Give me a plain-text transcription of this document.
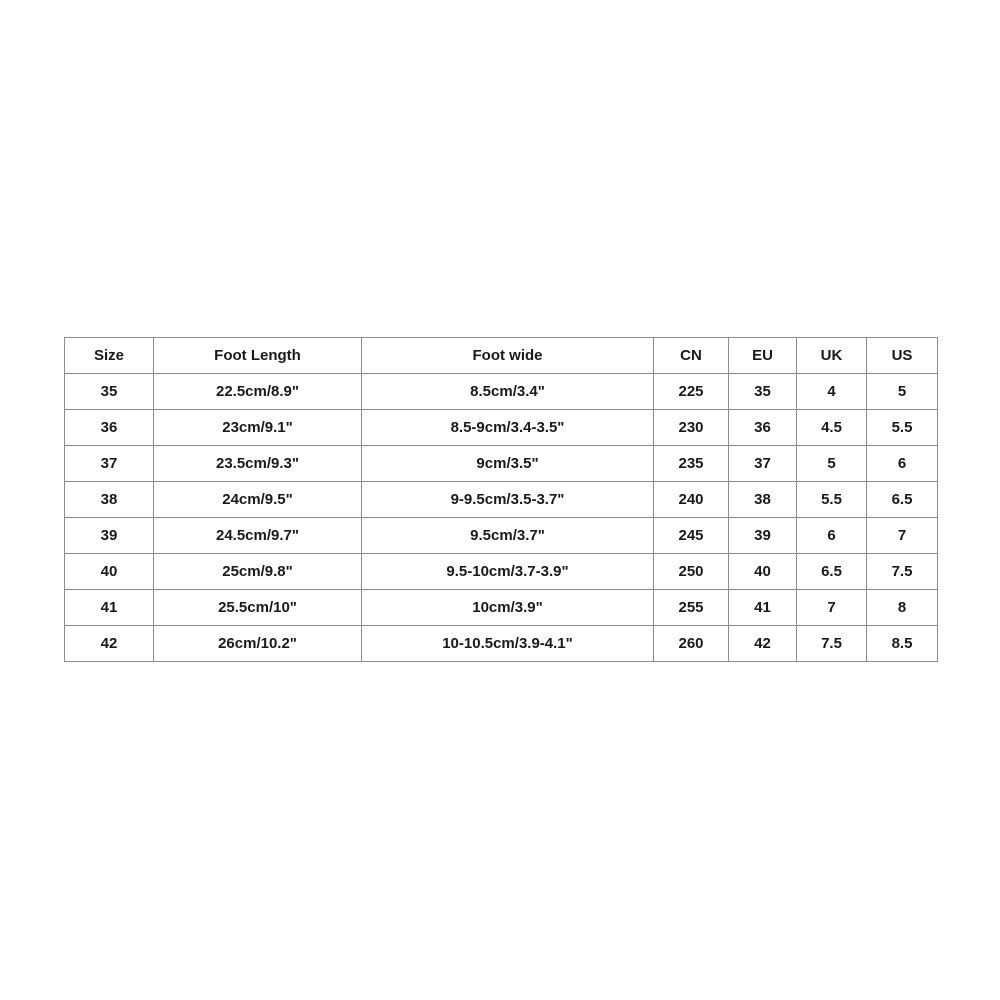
Size	Foot Length	Foot wide	CN	EU	UK	US
35	22.5cm/8.9"	8.5cm/3.4"	225	35	4	5
36	23cm/9.1"	8.5-9cm/3.4-3.5"	230	36	4.5	5.5
37	23.5cm/9.3"	9cm/3.5"	235	37	5	6
38	24cm/9.5"	9-9.5cm/3.5-3.7"	240	38	5.5	6.5
39	24.5cm/9.7"	9.5cm/3.7"	245	39	6	7
40	25cm/9.8"	9.5-10cm/3.7-3.9"	250	40	6.5	7.5
41	25.5cm/10"	10cm/3.9"	255	41	7	8
42	26cm/10.2"	10-10.5cm/3.9-4.1"	260	42	7.5	8.5
